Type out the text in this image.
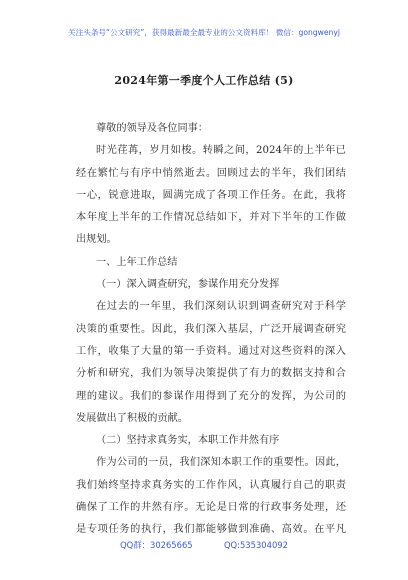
关注头条号“公文研究”，获得最新最全最专业的公文资料库！ 微信：gongwenyj
2024年第一季度个人工作总结 (5)
尊敬的领导及各位同事：
时光荏苒，岁月如梭。转瞬之间，2024年的上半年已
经在繁忙与有序中悄然逝去。回顾过去的半年，我们团结
一心，锐意进取，圆满完成了各项工作任务。在此，我将
本年度上半年的工作情况总结如下，并对下半年的工作做
出规划。
一、上年工作总结
（一）深入调查研究，参谋作用充分发挥
在过去的一年里，我们深刻认识到调查研究对于科学
决策的重要性。因此，我们深入基层，广泛开展调查研究
工作，收集了大量的第一手资料。通过对这些资料的深入
分析和研究，我们为领导决策提供了有力的数据支持和合
理的建议。我们的参谋作用得到了充分的发挥，为公司的
发展做出了积极的贡献。
（二）坚持求真务实，本职工作井然有序
作为公司的一员，我们深知本职工作的重要性。因此，
我们始终坚持求真务实的工作作风，认真履行自己的职责
确保了工作的井然有序。无论是日常的行政事务处理，还
是专项任务的执行，我们都能够做到准确、高效。在平凡
QQ群：30265665	QQ:535304092
